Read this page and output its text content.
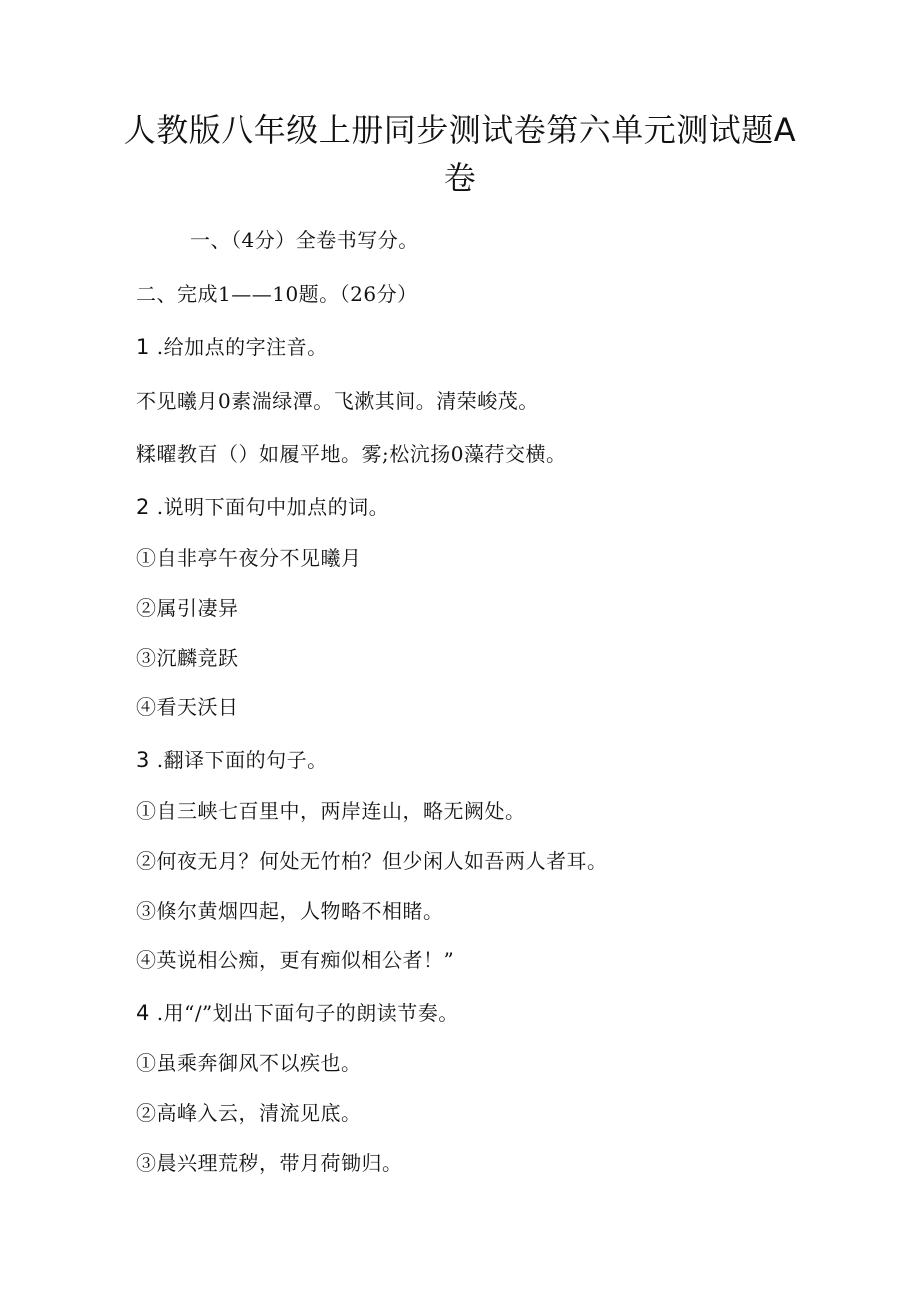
人教版八年级上册同步测试卷第六单元测试题A
卷
一、（4分）全卷书写分。
二、完成1——10题。（26分）
1 .给加点的字注音。
不见曦月0素湍绿潭。飞漱其间。清荣峻茂。
糅曜教百（）如履平地。雾;松沆扬0藻荇交横。
2 .说明下面句中加点的词。
①自非亭午夜分不见曦月
②属引凄异
③沉麟竞跃
④看天沃日
3 .翻译下面的句子。
①自三峡七百里中，两岸连山，略无阙处。
②何夜无月？何处无竹柏？但少闲人如吾两人者耳。
③倏尔黄烟四起，人物略不相睹。
④英说相公痴，更有痴似相公者！”
4 .用“/”划出下面句子的朗读节奏。
①虽乘奔御风不以疾也。
②高峰入云，清流见底。
③晨兴理荒秽，带月荷锄归。
